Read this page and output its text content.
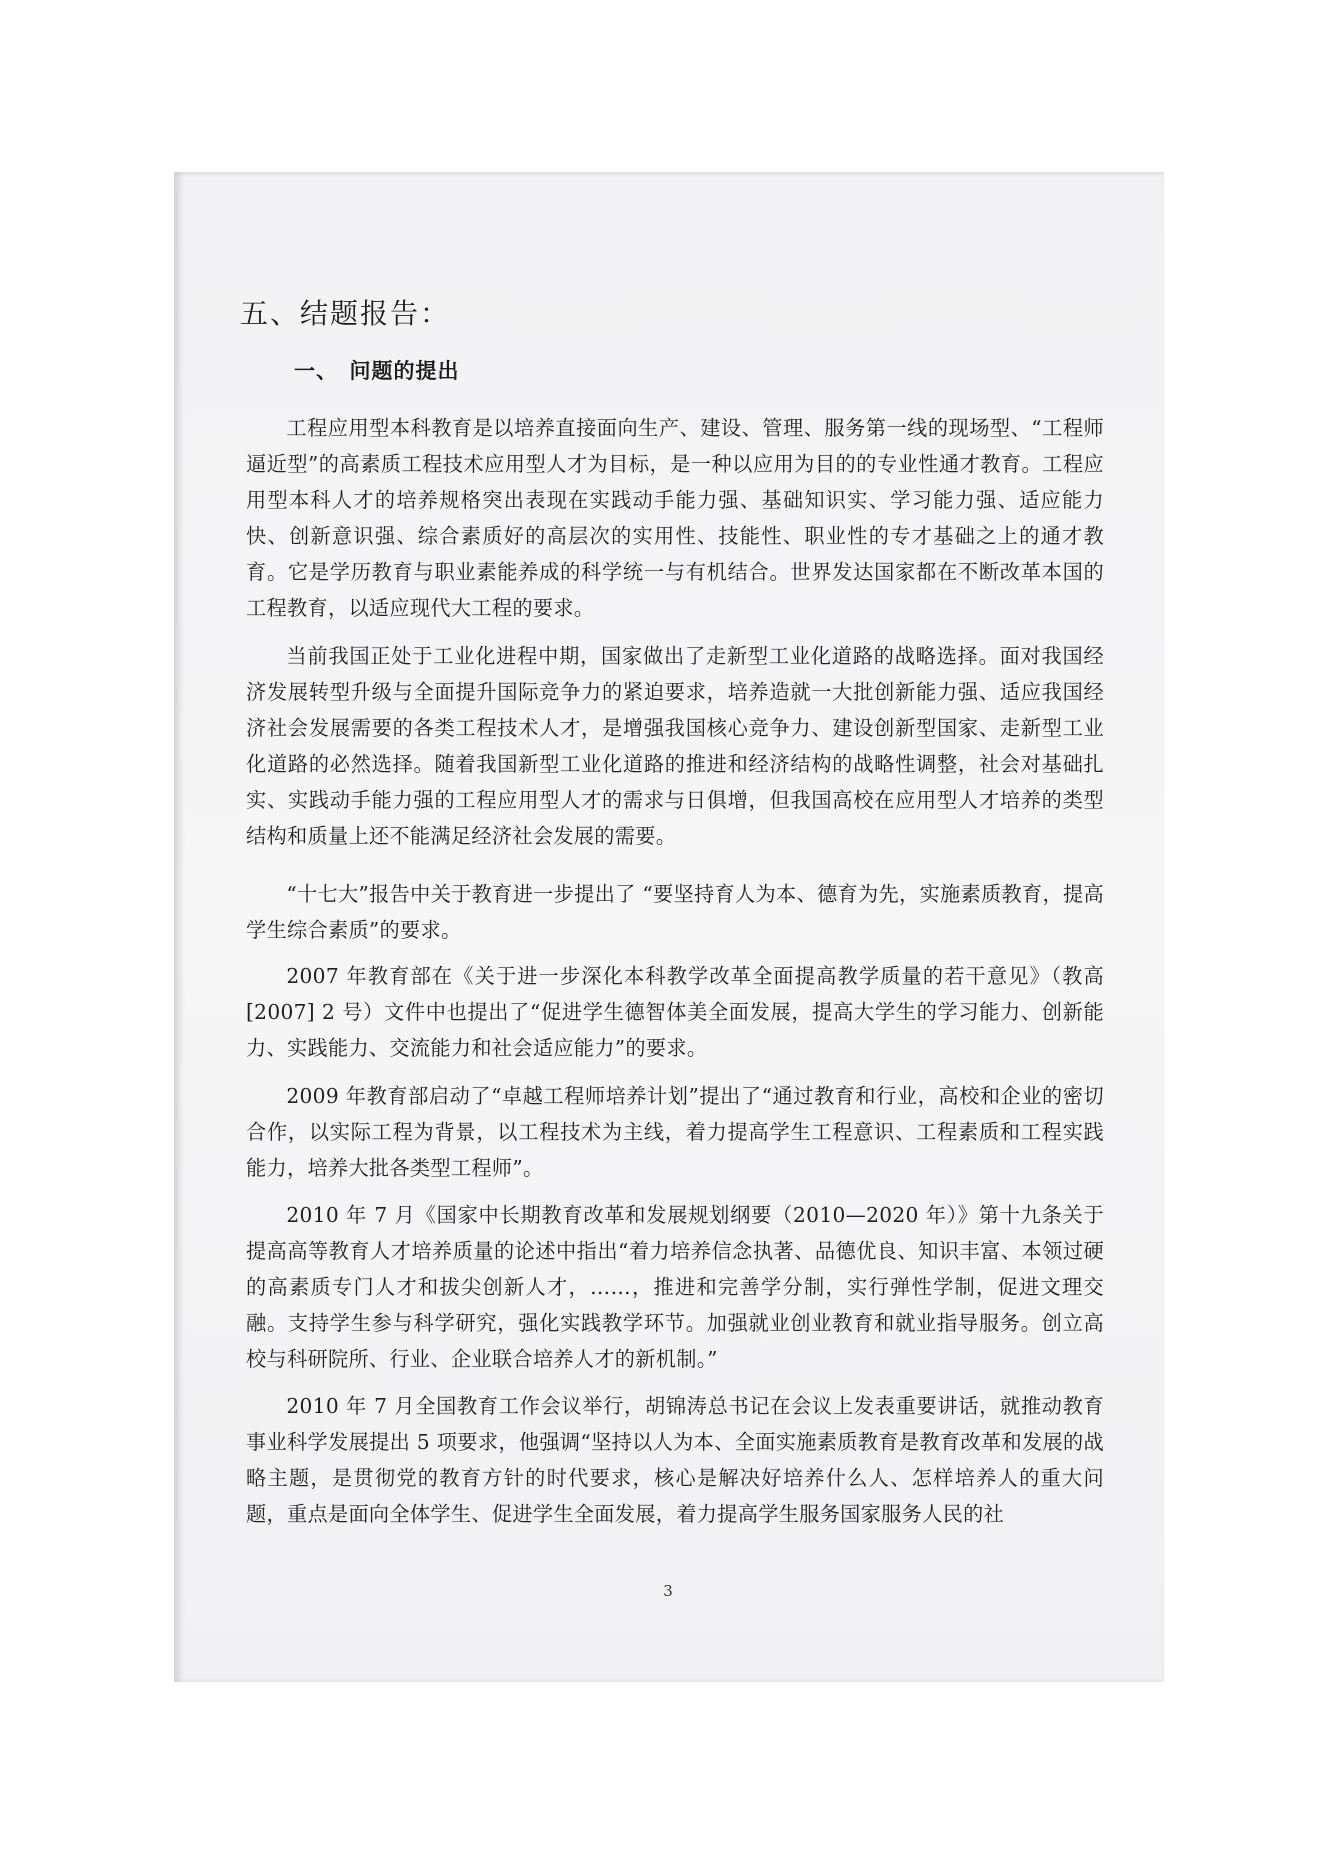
五、结题报告：
一、　问题的提出

工程应用型本科教育是以培养直接面向生产、建设、管理、服务第一线的现场型、“工程师逼近型”的高素质工程技术应用型人才为目标，是一种以应用为目的的专业性通才教育。工程应用型本科人才的培养规格突出表现在实践动手能力强、基础知识实、学习能力强、适应能力快、创新意识强、综合素质好的高层次的实用性、技能性、职业性的专才基础之上的通才教育。它是学历教育与职业素能养成的科学统一与有机结合。世界发达国家都在不断改革本国的工程教育，以适应现代大工程的要求。

当前我国正处于工业化进程中期，国家做出了走新型工业化道路的战略选择。面对我国经济发展转型升级与全面提升国际竞争力的紧迫要求，培养造就一大批创新能力强、适应我国经济社会发展需要的各类工程技术人才，是增强我国核心竞争力、建设创新型国家、走新型工业化道路的必然选择。随着我国新型工业化道路的推进和经济结构的战略性调整，社会对基础扎实、实践动手能力强的工程应用型人才的需求与日俱增，但我国高校在应用型人才培养的类型结构和质量上还不能满足经济社会发展的需要。

“十七大”报告中关于教育进一步提出了 “要坚持育人为本、德育为先，实施素质教育，提高学生综合素质”的要求。

2007 年教育部在《关于进一步深化本科教学改革全面提高教学质量的若干意见》（教高[2007] 2 号）文件中也提出了“促进学生德智体美全面发展，提高大学生的学习能力、创新能力、实践能力、交流能力和社会适应能力”的要求。

2009 年教育部启动了“卓越工程师培养计划”提出了“通过教育和行业，高校和企业的密切合作，以实际工程为背景，以工程技术为主线，着力提高学生工程意识、工程素质和工程实践能力，培养大批各类型工程师”。

2010 年 7 月《国家中长期教育改革和发展规划纲要（2010—2020 年）》第十九条关于提高高等教育人才培养质量的论述中指出“着力培养信念执著、品德优良、知识丰富、本领过硬的高素质专门人才和拔尖创新人才，……，推进和完善学分制，实行弹性学制，促进文理交融。支持学生参与科学研究，强化实践教学环节。加强就业创业教育和就业指导服务。创立高校与科研院所、行业、企业联合培养人才的新机制。”

2010 年 7 月全国教育工作会议举行，胡锦涛总书记在会议上发表重要讲话，就推动教育事业科学发展提出 5 项要求，他强调“坚持以人为本、全面实施素质教育是教育改革和发展的战略主题，是贯彻党的教育方针的时代要求，核心是解决好培养什么人、怎样培养人的重大问题，重点是面向全体学生、促进学生全面发展，着力提高学生服务国家服务人民的社

3
